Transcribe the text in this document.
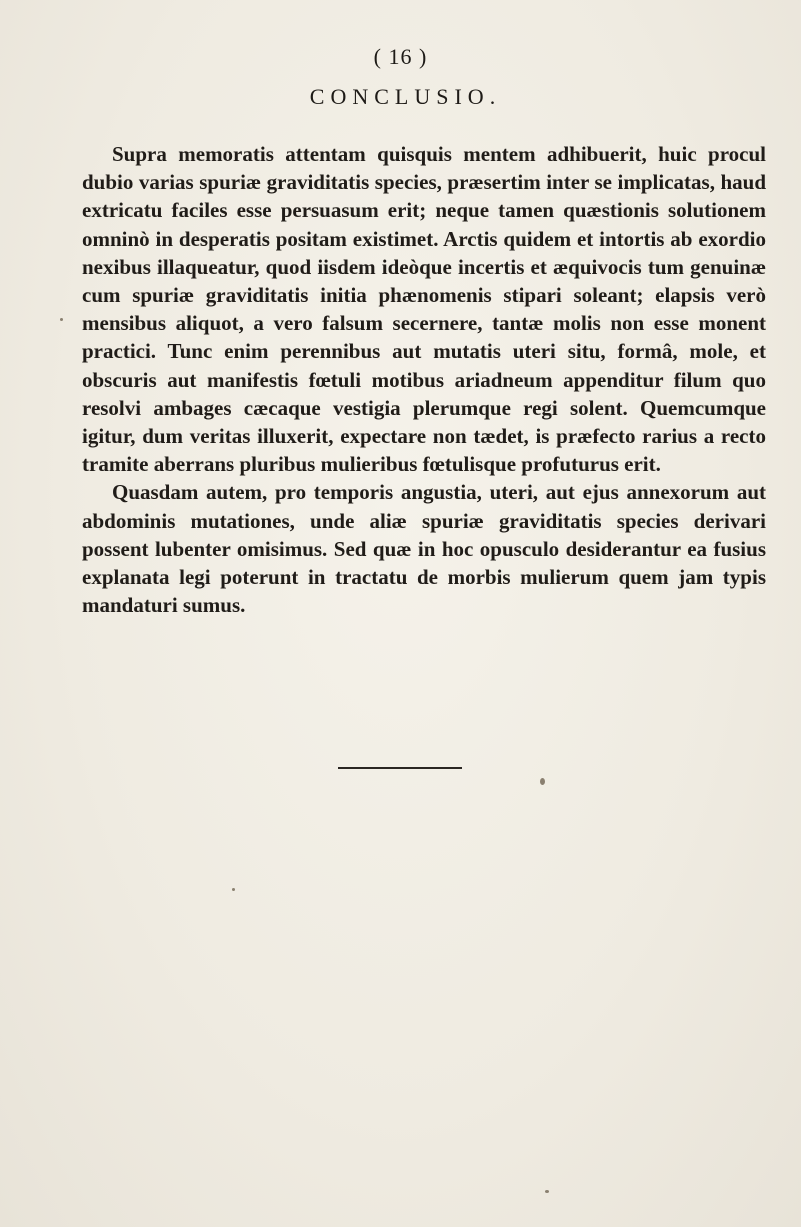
( 16 )
CONCLUSIO.

Supra memoratis attentam quisquis mentem adhibuerit, huic procul dubio varias spuriæ graviditatis species, præsertim inter se implicatas, haud extricatu faciles esse persuasum erit; neque tamen quæstionis solutionem omninò in desperatis positam existimet. Arctis quidem et intortis ab exordio nexibus illaqueatur, quod iisdem ideòque incertis et æquivocis tum genuinæ cum spuriæ graviditatis initia phænomenis stipari soleant; elapsis verò mensibus aliquot, a vero falsum secernere, tantæ molis non esse monent practici. Tunc enim perennibus aut mutatis uteri situ, formâ, mole, et obscuris aut manifestis fœtuli motibus ariadneum appenditur filum quo resolvi ambages cæcaque vestigia plerumque regi solent. Quemcumque igitur, dum veritas illuxerit, expectare non tædet, is præfecto rarius a recto tramite aberrans pluribus mulieribus fœtulisque profuturus erit.

Quasdam autem, pro temporis angustia, uteri, aut ejus annexorum aut abdominis mutationes, unde aliæ spuriæ graviditatis species derivari possent lubenter omisimus. Sed quæ in hoc opusculo desiderantur ea fusius explanata legi poterunt in tractatu de morbis mulierum quem jam typis mandaturi sumus.
